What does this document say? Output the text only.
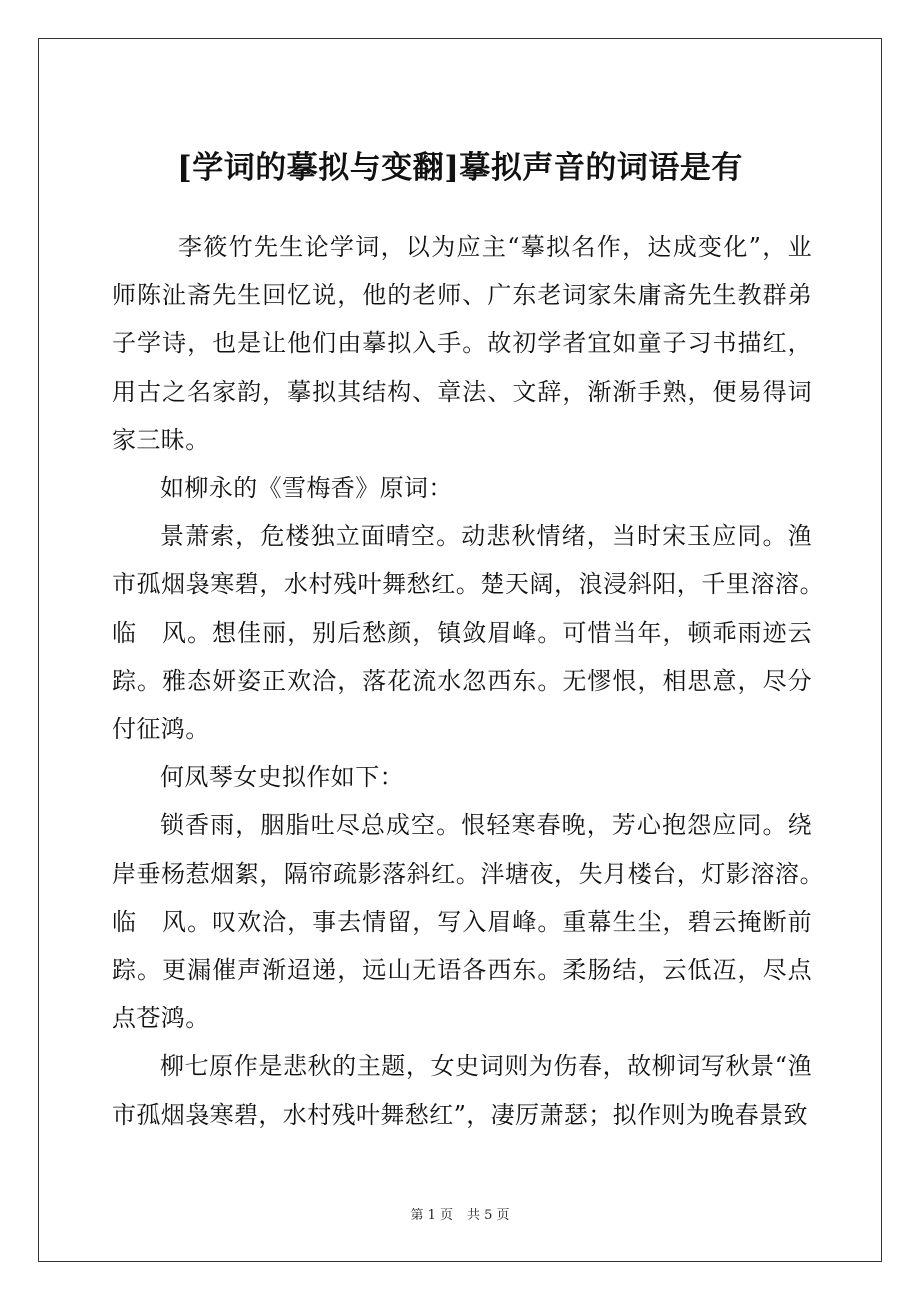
[学词的摹拟与变翻]摹拟声音的词语是有

李筱竹先生论学词，以为应主“摹拟名作，达成变化”，业师陈沚斋先生回忆说，他的老师、广东老词家朱庸斋先生教群弟子学诗，也是让他们由摹拟入手。故初学者宜如童子习书描红，用古之名家韵，摹拟其结构、章法、文辞，渐渐手熟，便易得词家三昧。

如柳永的《雪梅香》原词：

景萧索，危楼独立面晴空。动悲秋情绪，当时宋玉应同。渔市孤烟袅寒碧，水村残叶舞愁红。楚天阔，浪浸斜阳，千里溶溶。　　临　风。想佳丽，别后愁颜，镇敛眉峰。可惜当年，顿乖雨迹云踪。雅态妍姿正欢洽，落花流水忽西东。无憀恨，相思意，尽分付征鸿。

何凤琴女史拟作如下：

锁香雨，胭脂吐尽总成空。恨轻寒春晚，芳心抱怨应同。绕岸垂杨惹烟絮，隔帘疏影落斜红。泮塘夜，失月楼台，灯影溶溶。　　临　风。叹欢洽，事去情留，写入眉峰。重幕生尘，碧云掩断前踪。更漏催声渐迢递，远山无语各西东。柔肠结，云低冱，尽点点苍鸿。

柳七原作是悲秋的主题，女史词则为伤春，故柳词写秋景“渔市孤烟袅寒碧，水村残叶舞愁红”，凄厉萧瑟；拟作则为晚春景致

第 1 页 共 5 页
